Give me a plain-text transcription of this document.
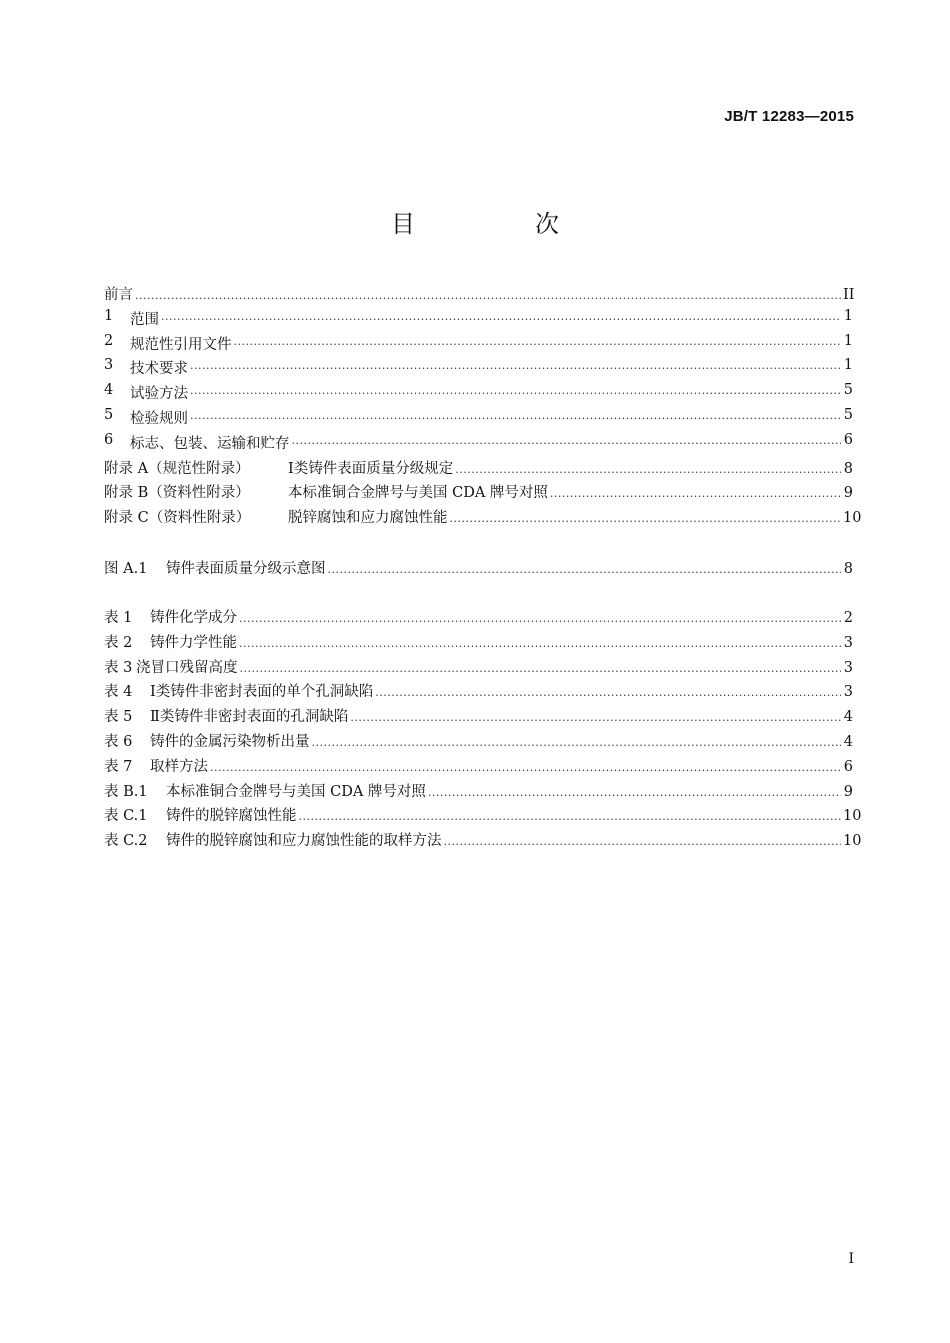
JB/T 12283—2015
目　次
前言 .....	II
1	范围 .....	1
2	规范性引用文件 .....	1
3	技术要求 .....	1
4	试验方法 .....	5
5	检验规则 .....	5
6	标志、包装、运输和贮存 .....	6
附录 A（规范性附录）	Ⅰ类铸件表面质量分级规定 .....	8
附录 B（资料性附录）	本标准铜合金牌号与美国 CDA 牌号对照 .....	9
附录 C（资料性附录）	脱锌腐蚀和应力腐蚀性能 .....	10
图 A.1	铸件表面质量分级示意图 .....	8
表 1	铸件化学成分 .....	2
表 2	铸件力学性能 .....	3
表 3 浇冒口残留高度 .....	3
表 4	Ⅰ类铸件非密封表面的单个孔洞缺陷 .....	3
表 5	Ⅱ类铸件非密封表面的孔洞缺陷 .....	4
表 6	铸件的金属污染物析出量 .....	4
表 7	取样方法 .....	6
表 B.1	本标准铜合金牌号与美国 CDA 牌号对照 .....	9
表 C.1	铸件的脱锌腐蚀性能 .....	10
表 C.2	铸件的脱锌腐蚀和应力腐蚀性能的取样方法 .....	10
I
